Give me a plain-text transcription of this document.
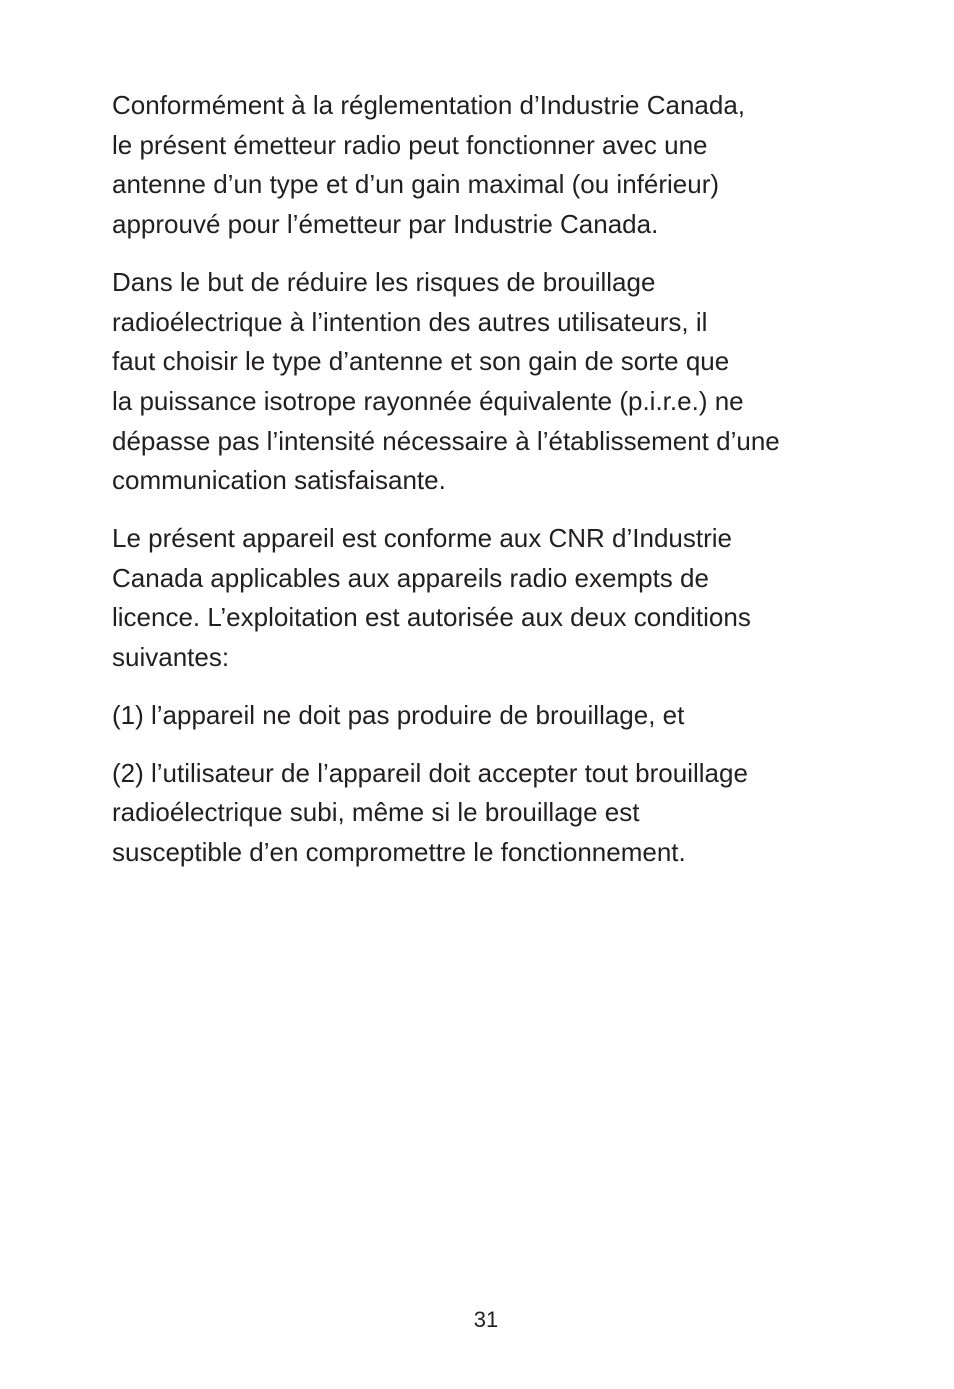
Conformément à la réglementation d’Industrie Canada,
le présent émetteur radio peut fonctionner avec une
antenne d’un type et d’un gain maximal (ou inférieur)
approuvé pour l’émetteur par Industrie Canada.
Dans le but de réduire les risques de brouillage
radioélectrique à l’intention des autres utilisateurs, il
faut choisir le type d’antenne et son gain de sorte que
la puissance isotrope rayonnée équivalente (p.i.r.e.) ne
dépasse pas l’intensité nécessaire à l’établissement d’une
communication satisfaisante.
Le présent appareil est conforme aux CNR d’Industrie
Canada applicables aux appareils radio exempts de
licence. L’exploitation est autorisée aux deux conditions
suivantes:
(1) l’appareil ne doit pas produire de brouillage, et
(2) l’utilisateur de l’appareil doit accepter tout brouillage
radioélectrique subi, même si le brouillage est
susceptible d’en compromettre le fonctionnement.
31
